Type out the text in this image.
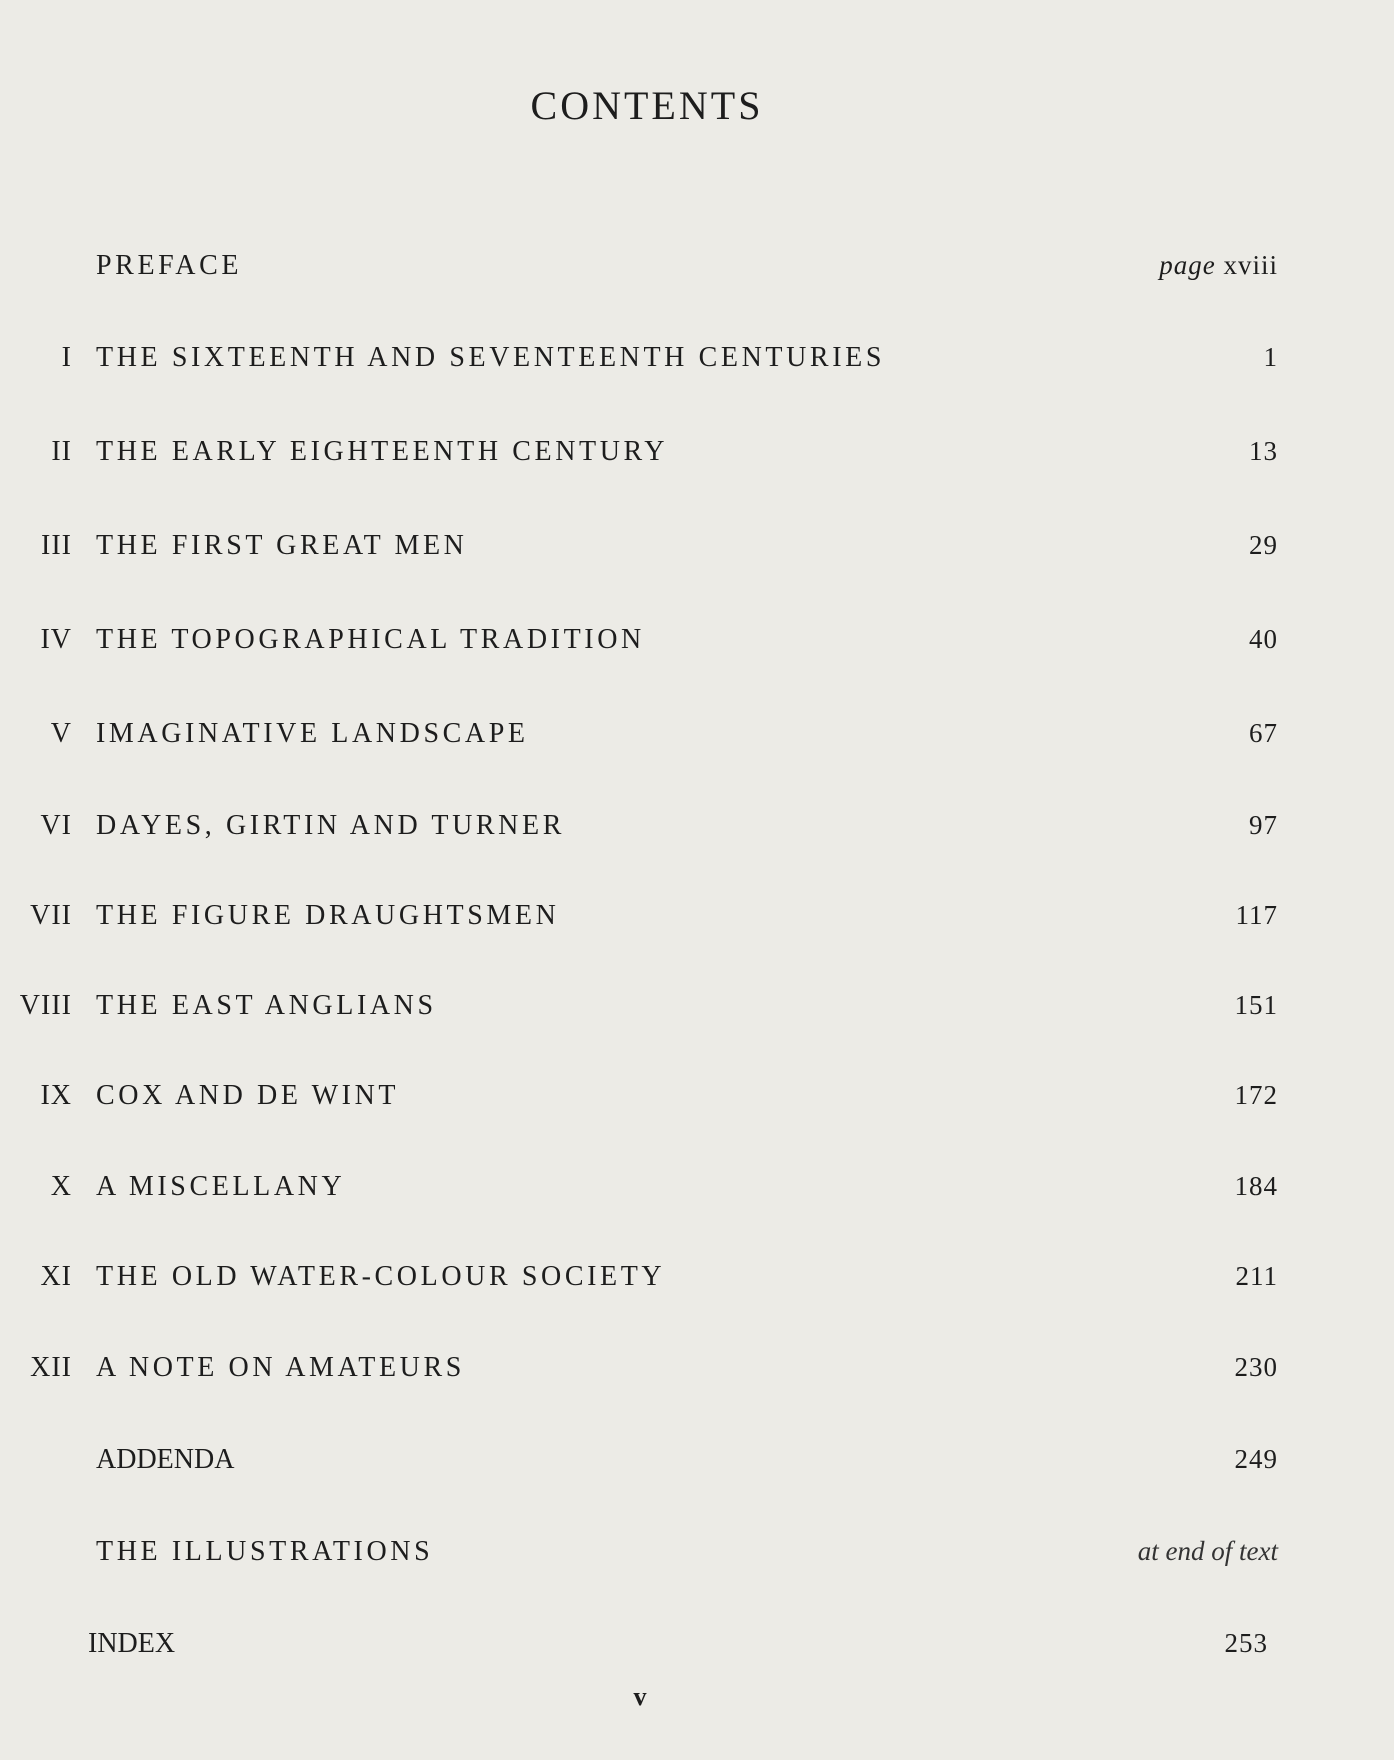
CONTENTS
PREFACE	page xviii
I THE SIXTEENTH AND SEVENTEENTH CENTURIES	1
II THE EARLY EIGHTEENTH CENTURY	13
III THE FIRST GREAT MEN	29
IV THE TOPOGRAPHICAL TRADITION	40
V IMAGINATIVE LANDSCAPE	67
VI DAYES, GIRTIN AND TURNER	97
VII THE FIGURE DRAUGHTSMEN	117
VIII THE EAST ANGLIANS	151
IX COX AND DE WINT	172
X A MISCELLANY	184
XI THE OLD WATER-COLOUR SOCIETY	211
XII A NOTE ON AMATEURS	230
ADDENDA	249
THE ILLUSTRATIONS	at end of text
INDEX	253
v
